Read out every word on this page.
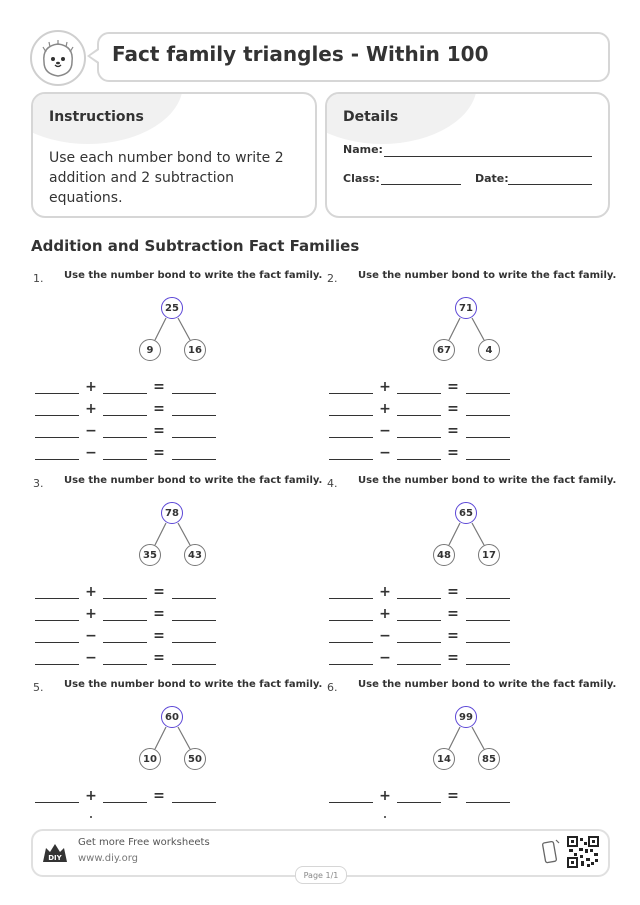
Fact family triangles - Within 100
Instructions
Use each number bond to write 2 addition and 2 subtraction equations.
Details
Name:
Class:	Date:
Addition and Subtraction Fact Families
1. Use the number bond to write the fact family.
25
9	16
+	=
+	=
−	=
−	=
2. Use the number bond to write the fact family.
71
67	4
+	=
+	=
−	=
−	=
3. Use the number bond to write the fact family.
78
35	43
+	=
+	=
−	=
−	=
4. Use the number bond to write the fact family.
65
48	17
+	=
+	=
−	=
−	=
5. Use the number bond to write the fact family.
60
10	50
+	=
6. Use the number bond to write the fact family.
99
14	85
+	=
DIY
Get more Free worksheets
www.diy.org
Page 1/1
